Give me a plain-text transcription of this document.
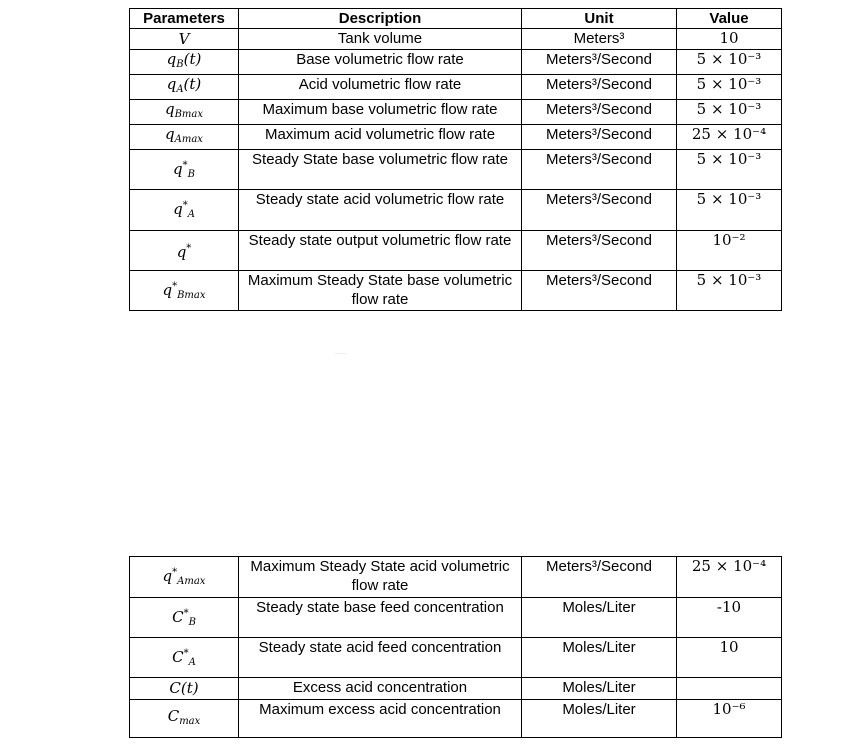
Parameters	Description	Unit	Value
V	Tank volume	Meters³	10
$q_B(t)$	Base volumetric flow rate	Meters³/Second	5 × 10⁻³
$q_A(t)$	Acid volumetric flow rate	Meters³/Second	5 × 10⁻³
$q_{Bmax}$	Maximum base volumetric flow rate	Meters³/Second	5 × 10⁻³
$q_{Amax}$	Maximum acid volumetric flow rate	Meters³/Second	25 × 10⁻⁴
$q^*_B$	Steady State base volumetric flow rate	Meters³/Second	5 × 10⁻³
$q^*_A$	Steady state acid volumetric flow rate	Meters³/Second	5 × 10⁻³
q*	Steady state output volumetric flow rate	Meters³/Second	10⁻²
$q^*_{Bmax}$	Maximum Steady State base volumetric flow rate	Meters³/Second	5 × 10⁻³
$q^*_{Amax}$	Maximum Steady State acid volumetric flow rate	Meters³/Second	25 × 10⁻⁴
$C^*_B$	Steady state base feed concentration	Moles/Liter	-10
$C^*_A$	Steady state acid feed concentration	Moles/Liter	10
C(t)	Excess acid concentration	Moles/Liter	
$C_{max}$	Maximum excess acid concentration	Moles/Liter	10⁻⁶
